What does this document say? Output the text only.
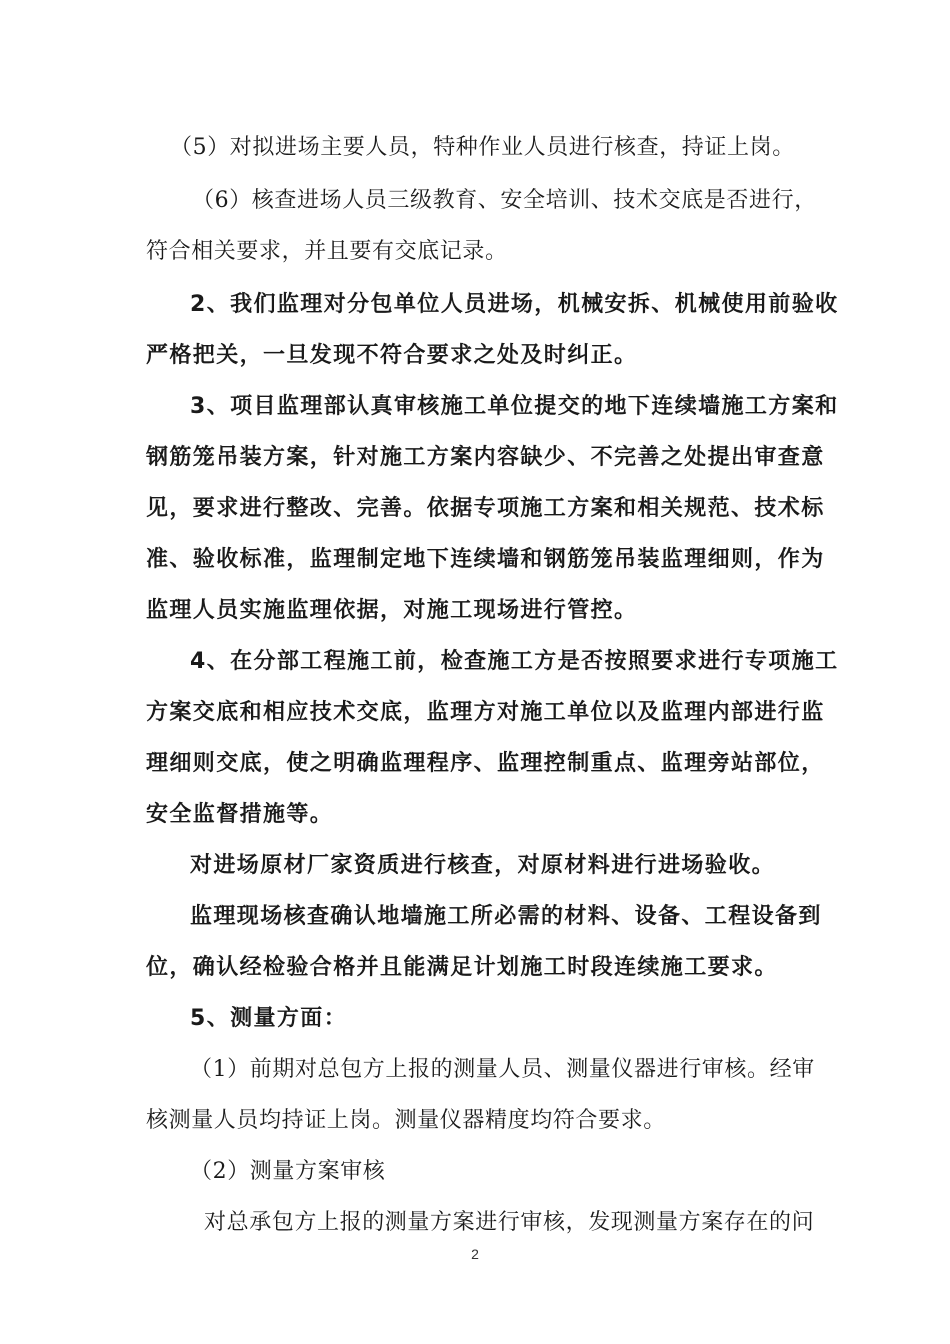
（5）对拟进场主要人员，特种作业人员进行核查，持证上岗。
（6）核查进场人员三级教育、安全培训、技术交底是否进行，
符合相关要求，并且要有交底记录。
2、我们监理对分包单位人员进场，机械安拆、机械使用前验收
严格把关，一旦发现不符合要求之处及时纠正。
3、项目监理部认真审核施工单位提交的地下连续墙施工方案和
钢筋笼吊装方案，针对施工方案内容缺少、不完善之处提出审查意
见，要求进行整改、完善。依据专项施工方案和相关规范、技术标
准、验收标准，监理制定地下连续墙和钢筋笼吊装监理细则，作为
监理人员实施监理依据，对施工现场进行管控。
4、在分部工程施工前，检查施工方是否按照要求进行专项施工
方案交底和相应技术交底，监理方对施工单位以及监理内部进行监
理细则交底，使之明确监理程序、监理控制重点、监理旁站部位，
安全监督措施等。
对进场原材厂家资质进行核查，对原材料进行进场验收。
监理现场核查确认地墙施工所必需的材料、设备、工程设备到
位，确认经检验合格并且能满足计划施工时段连续施工要求。
5、测量方面：
（1）前期对总包方上报的测量人员、测量仪器进行审核。经审
核测量人员均持证上岗。测量仪器精度均符合要求。
（2）测量方案审核
对总承包方上报的测量方案进行审核，发现测量方案存在的问
2
